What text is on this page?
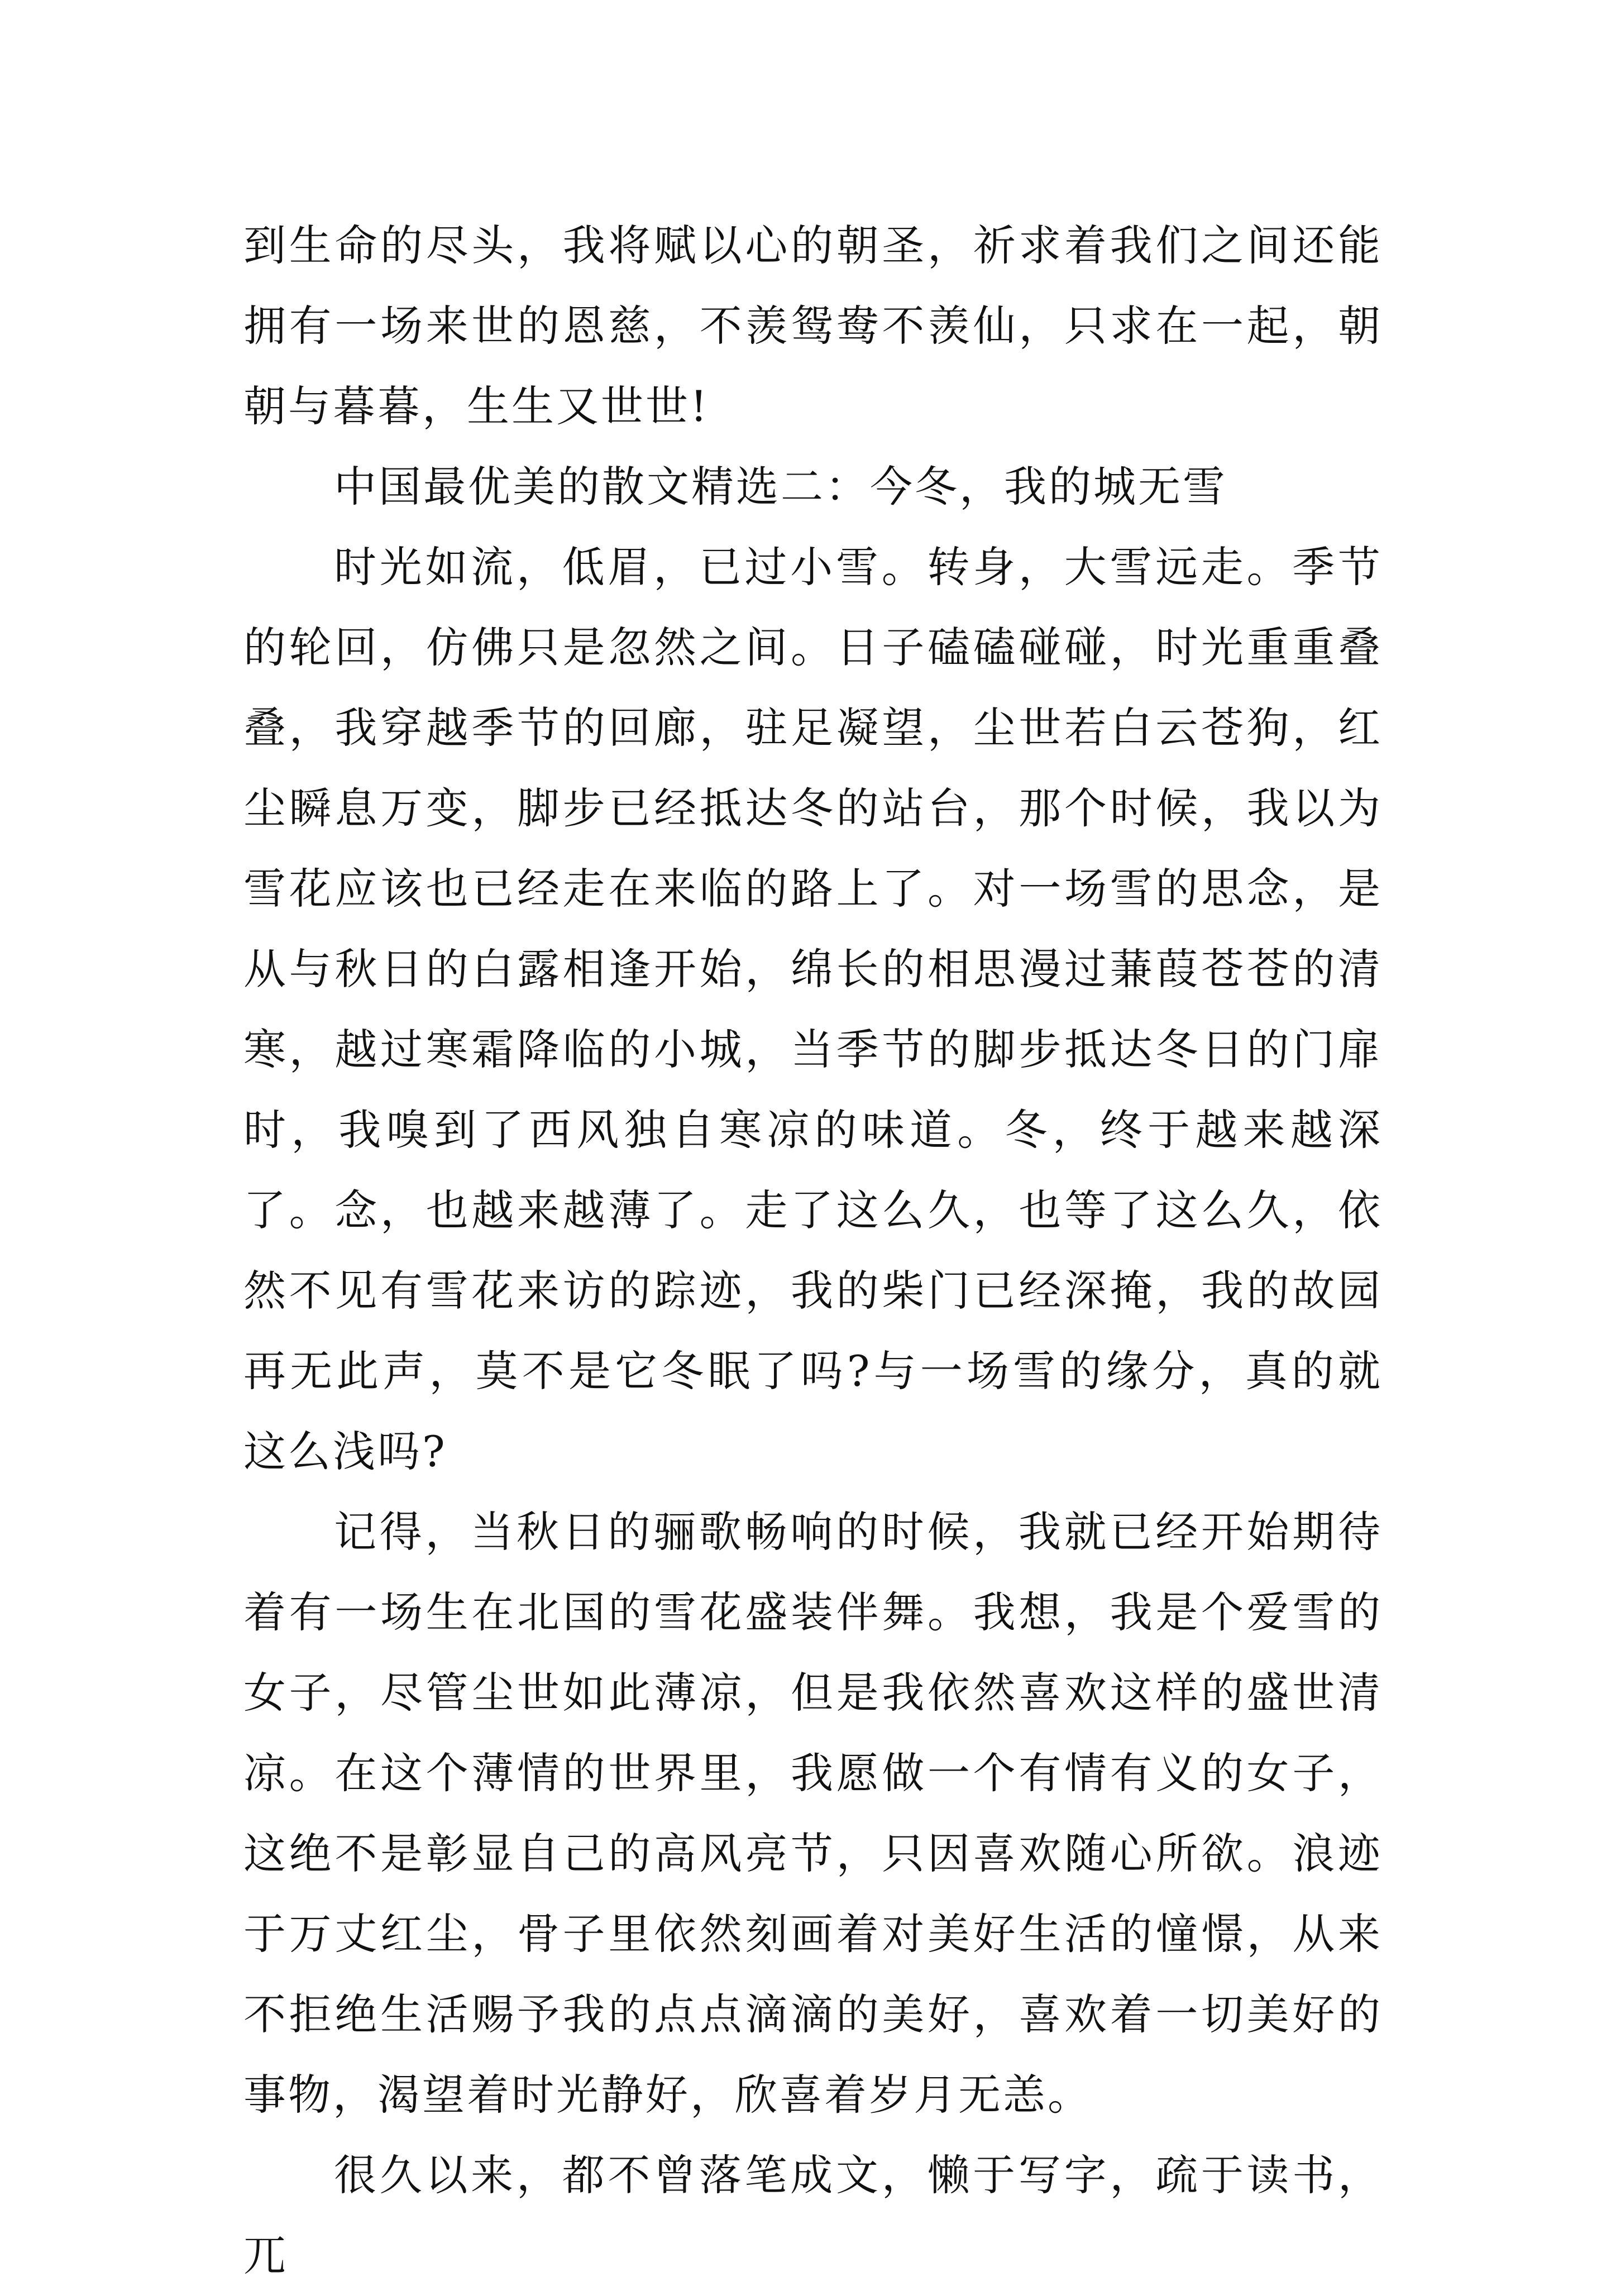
到生命的尽头，我将赋以心的朝圣，祈求着我们之间还能拥有一场来世的恩慈，不羡鸳鸯不羡仙，只求在一起，朝朝与暮暮，生生又世世!

中国最优美的散文精选二：今冬，我的城无雪

时光如流，低眉，已过小雪。转身，大雪远走。季节的轮回，仿佛只是忽然之间。日子磕磕碰碰，时光重重叠叠，我穿越季节的回廊，驻足凝望，尘世若白云苍狗，红尘瞬息万变，脚步已经抵达冬的站台，那个时候，我以为雪花应该也已经走在来临的路上了。对一场雪的思念，是从与秋日的白露相逢开始，绵长的相思漫过蒹葭苍苍的清寒，越过寒霜降临的小城，当季节的脚步抵达冬日的门扉时，我嗅到了西风独自寒凉的味道。冬，终于越来越深了。念，也越来越薄了。走了这么久，也等了这么久，依然不见有雪花来访的踪迹，我的柴门已经深掩，我的故园再无此声，莫不是它冬眠了吗?与一场雪的缘分，真的就这么浅吗?

记得，当秋日的骊歌畅响的时候，我就已经开始期待着有一场生在北国的雪花盛装伴舞。我想，我是个爱雪的女子，尽管尘世如此薄凉，但是我依然喜欢这样的盛世清凉。在这个薄情的世界里，我愿做一个有情有义的女子，这绝不是彰显自己的高风亮节，只因喜欢随心所欲。浪迹于万丈红尘，骨子里依然刻画着对美好生活的憧憬，从来不拒绝生活赐予我的点点滴滴的美好，喜欢着一切美好的事物，渴望着时光静好，欣喜着岁月无恙。

很久以来，都不曾落笔成文，懒于写字，疏于读书，兀
